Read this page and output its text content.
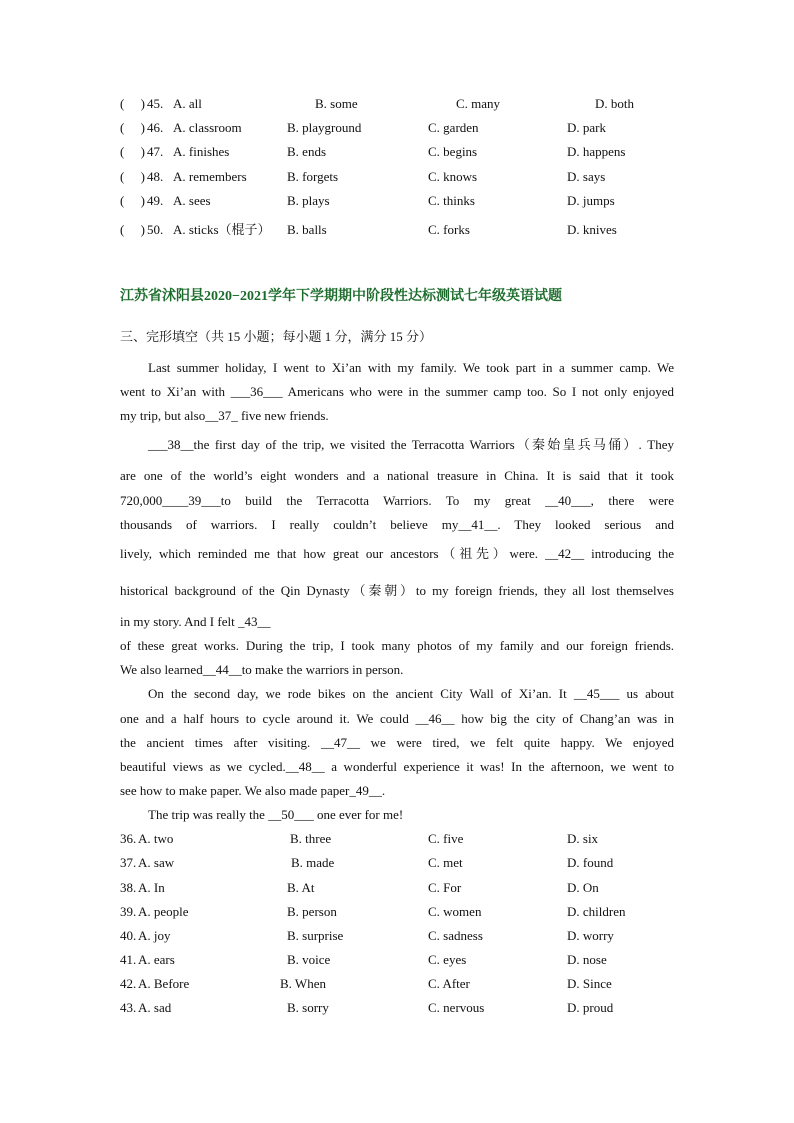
(　 ) 45. A. all	B. some	C. many	D. both
(　 ) 46. A. classroom	B. playground	C. garden	D. park
(　 ) 47. A. finishes	B. ends	C. begins	D. happens
(　 ) 48. A. remembers	B. forgets	C. knows	D. says
(　 ) 49. A. sees	B. plays	C. thinks	D. jumps
(　 ) 50. A. sticks（棍子） B. balls	C. forks	D. knives
江苏省沭阳县2020−2021学年下学期期中阶段性达标测试七年级英语试题
三、完形填空（共 15 小题；每小题 1 分，满分 15 分）
Last summer holiday, I went to Xi’an with my family. We took part in a summer camp. We
went to Xi’an with ___36___ Americans who were in the summer camp too. So I not only enjoyed
my trip, but also__37_ five new friends.
___38__the first day of the trip, we visited the Terracotta Warriors（秦始皇兵马俑）. They
are one of the world’s eight wonders and a national treasure in China. It is said that it took
720,000____39___to build the Terracotta Warriors. To my great __40___, there were
thousands of warriors. I really couldn’t believe my__41__. They looked serious and
lively, which reminded me that how great our ancestors（祖先）were. __42__ introducing the
historical background of the Qin Dynasty（秦朝）to my foreign friends, they all lost themselves
in my story. And I felt _43__
of these great works. During the trip, I took many photos of my family and our foreign friends.
We also learned__44__to make the warriors in person.
On the second day, we rode bikes on the ancient City Wall of Xi’an. It __45___ us about
one and a half hours to cycle around it. We could __46__ how big the city of Chang’an was in
the ancient times after visiting. __47__ we were tired, we felt quite happy. We enjoyed
beautiful views as we cycled.__48__ a wonderful experience it was! In the afternoon, we went to
see how to make paper. We also made paper_49__.
The trip was really the __50___ one ever for me!
36. A. two	B. three	C. five	D. six
37. A. saw	B. made	C. met	D. found
38. A. In	B. At	C. For	D. On
39. A. people	B. person	C. women	D. children
40. A. joy	B. surprise	C. sadness	D. worry
41. A. ears	B. voice	C. eyes	D. nose
42. A. Before	B. When	C. After	D. Since
43. A. sad	B. sorry	C. nervous	D. proud
